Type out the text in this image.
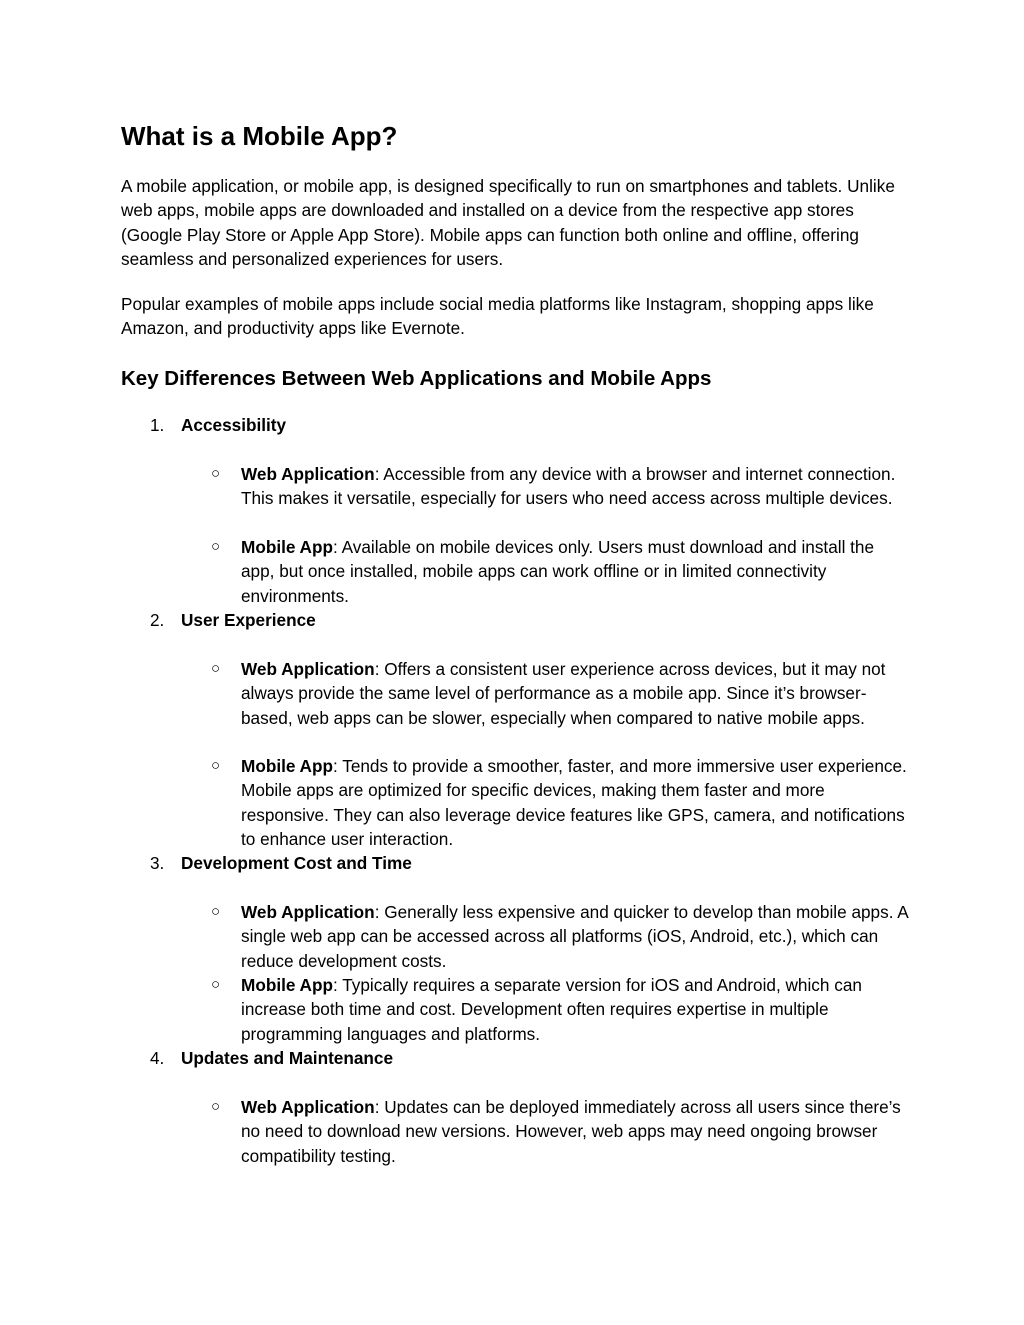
What is a Mobile App?

A mobile application, or mobile app, is designed specifically to run on smartphones and tablets. Unlike web apps, mobile apps are downloaded and installed on a device from the respective app stores (Google Play Store or Apple App Store). Mobile apps can function both online and offline, offering seamless and personalized experiences for users.

Popular examples of mobile apps include social media platforms like Instagram, shopping apps like Amazon, and productivity apps like Evernote.

Key Differences Between Web Applications and Mobile Apps
1. Accessibility
○ Web Application: Accessible from any device with a browser and internet connection. This makes it versatile, especially for users who need access across multiple devices.
○ Mobile App: Available on mobile devices only. Users must download and install the app, but once installed, mobile apps can work offline or in limited connectivity environments.
2. User Experience
○ Web Application: Offers a consistent user experience across devices, but it may not always provide the same level of performance as a mobile app. Since it’s browser-based, web apps can be slower, especially when compared to native mobile apps.
○ Mobile App: Tends to provide a smoother, faster, and more immersive user experience. Mobile apps are optimized for specific devices, making them faster and more responsive. They can also leverage device features like GPS, camera, and notifications to enhance user interaction.
3. Development Cost and Time
○ Web Application: Generally less expensive and quicker to develop than mobile apps. A single web app can be accessed across all platforms (iOS, Android, etc.), which can reduce development costs.
○ Mobile App: Typically requires a separate version for iOS and Android, which can increase both time and cost. Development often requires expertise in multiple programming languages and platforms.
4. Updates and Maintenance
○ Web Application: Updates can be deployed immediately across all users since there’s no need to download new versions. However, web apps may need ongoing browser compatibility testing.
